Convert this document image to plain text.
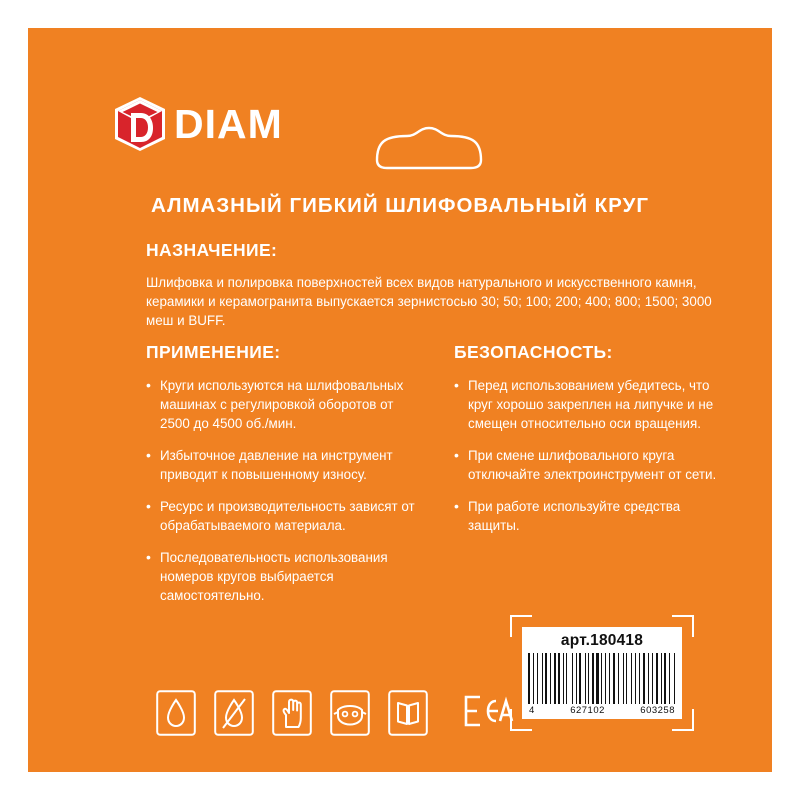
DIAM
АЛМАЗНЫЙ ГИБКИЙ ШЛИФОВАЛЬНЫЙ КРУГ
НАЗНАЧЕНИЕ:

Шлифовка и полировка поверхностей всех видов натурального и искусственного камня, керамики и керамогранита выпускается зернистосью 30; 50; 100; 200; 400; 800; 1500; 3000 меш и BUFF.

ПРИМЕНЕНИЕ:
• Круги используются на шлифовальных машинах с регулировкой оборотов от 2500 до 4500 об./мин.
• Избыточное давление на инструмент приводит к повышенному износу.
• Ресурс и производительность зависят от обрабатываемого материала.
• Последовательность использования номеров кругов выбирается самостоятельно.
БЕЗОПАСНОСТЬ:
• Перед использованием убедитесь, что круг хорошо закреплен на липучке и не смещен относительно оси вращения.
• При смене шлифовального круга отключайте электроинструмент от сети.
• При работе используйте средства защиты.
арт.180418
4	627102	603258
